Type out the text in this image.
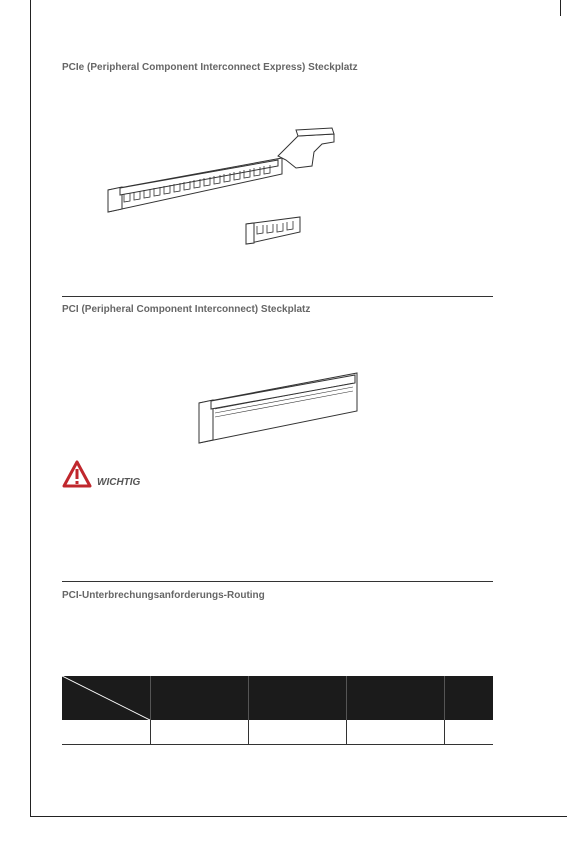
PCIe (Peripheral Component Interconnect Express) Steckplatz
PCI (Peripheral Component Interconnect) Steckplatz
WICHTIG
PCI-Unterbrechungsanforderungs-Routing
